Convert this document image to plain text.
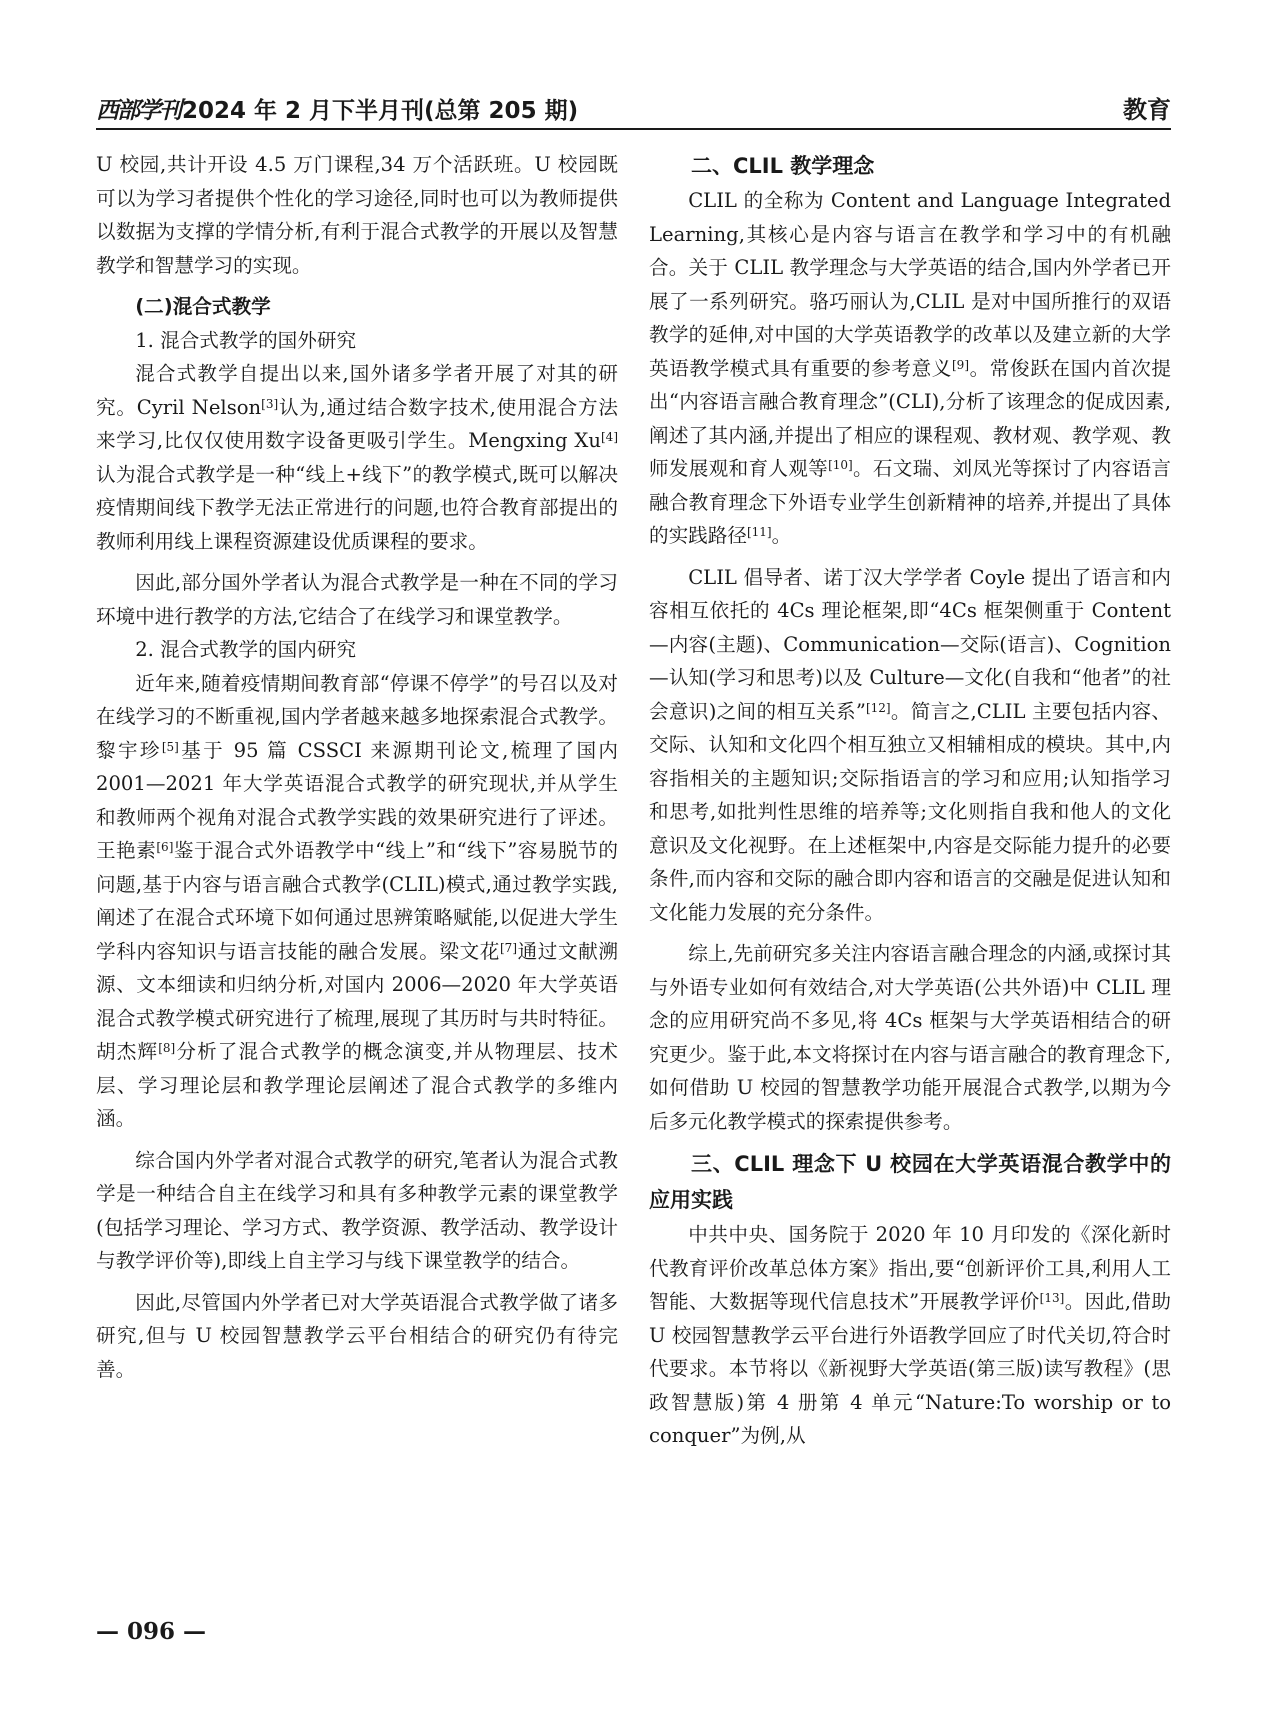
西部学刊2024 年 2 月下半月刊(总第 205 期)	教育

U 校园,共计开设 4.5 万门课程,34 万个活跃班。U 校园既可以为学习者提供个性化的学习途径,同时也可以为教师提供以数据为支撑的学情分析,有利于混合式教学的开展以及智慧教学和智慧学习的实现。

(二)混合式教学

1. 混合式教学的国外研究

混合式教学自提出以来,国外诸多学者开展了对其的研究。Cyril Nelson[3]认为,通过结合数字技术,使用混合方法来学习,比仅仅使用数字设备更吸引学生。Mengxing Xu[4]认为混合式教学是一种“线上+线下”的教学模式,既可以解决疫情期间线下教学无法正常进行的问题,也符合教育部提出的教师利用线上课程资源建设优质课程的要求。

因此,部分国外学者认为混合式教学是一种在不同的学习环境中进行教学的方法,它结合了在线学习和课堂教学。

2. 混合式教学的国内研究

近年来,随着疫情期间教育部“停课不停学”的号召以及对在线学习的不断重视,国内学者越来越多地探索混合式教学。黎宇珍[5]基于 95 篇 CSSCI 来源期刊论文,梳理了国内 2001—2021 年大学英语混合式教学的研究现状,并从学生和教师两个视角对混合式教学实践的效果研究进行了评述。王艳素[6]鉴于混合式外语教学中“线上”和“线下”容易脱节的问题,基于内容与语言融合式教学(CLIL)模式,通过教学实践,阐述了在混合式环境下如何通过思辨策略赋能,以促进大学生学科内容知识与语言技能的融合发展。梁文花[7]通过文献溯源、文本细读和归纳分析,对国内 2006—2020 年大学英语混合式教学模式研究进行了梳理,展现了其历时与共时特征。胡杰辉[8]分析了混合式教学的概念演变,并从物理层、技术层、学习理论层和教学理论层阐述了混合式教学的多维内涵。

综合国内外学者对混合式教学的研究,笔者认为混合式教学是一种结合自主在线学习和具有多种教学元素的课堂教学(包括学习理论、学习方式、教学资源、教学活动、教学设计与教学评价等),即线上自主学习与线下课堂教学的结合。

因此,尽管国内外学者已对大学英语混合式教学做了诸多研究,但与 U 校园智慧教学云平台相结合的研究仍有待完善。

二、CLIL 教学理念

CLIL 的全称为 Content and Language Integrated Learning,其核心是内容与语言在教学和学习中的有机融合。关于 CLIL 教学理念与大学英语的结合,国内外学者已开展了一系列研究。骆巧丽认为,CLIL 是对中国所推行的双语教学的延伸,对中国的大学英语教学的改革以及建立新的大学英语教学模式具有重要的参考意义[9]。常俊跃在国内首次提出“内容语言融合教育理念”(CLI),分析了该理念的促成因素,阐述了其内涵,并提出了相应的课程观、教材观、教学观、教师发展观和育人观等[10]。石文瑞、刘凤光等探讨了内容语言融合教育理念下外语专业学生创新精神的培养,并提出了具体的实践路径[11]。

CLIL 倡导者、诺丁汉大学学者 Coyle 提出了语言和内容相互依托的 4Cs 理论框架,即“4Cs 框架侧重于 Content—内容(主题)、Communication—交际(语言)、Cognition—认知(学习和思考)以及 Culture—文化(自我和“他者”的社会意识)之间的相互关系”[12]。简言之,CLIL 主要包括内容、交际、认知和文化四个相互独立又相辅相成的模块。其中,内容指相关的主题知识;交际指语言的学习和应用;认知指学习和思考,如批判性思维的培养等;文化则指自我和他人的文化意识及文化视野。在上述框架中,内容是交际能力提升的必要条件,而内容和交际的融合即内容和语言的交融是促进认知和文化能力发展的充分条件。

综上,先前研究多关注内容语言融合理念的内涵,或探讨其与外语专业如何有效结合,对大学英语(公共外语)中 CLIL 理念的应用研究尚不多见,将 4Cs 框架与大学英语相结合的研究更少。鉴于此,本文将探讨在内容与语言融合的教育理念下,如何借助 U 校园的智慧教学功能开展混合式教学,以期为今后多元化教学模式的探索提供参考。

三、CLIL 理念下 U 校园在大学英语混合教学中的应用实践

中共中央、国务院于 2020 年 10 月印发的《深化新时代教育评价改革总体方案》指出,要“创新评价工具,利用人工智能、大数据等现代信息技术”开展教学评价[13]。因此,借助 U 校园智慧教学云平台进行外语教学回应了时代关切,符合时代要求。本节将以《新视野大学英语(第三版)读写教程》(思政智慧版)第 4 册第 4 单元“Nature:To worship or to conquer”为例,从

— 096 —
